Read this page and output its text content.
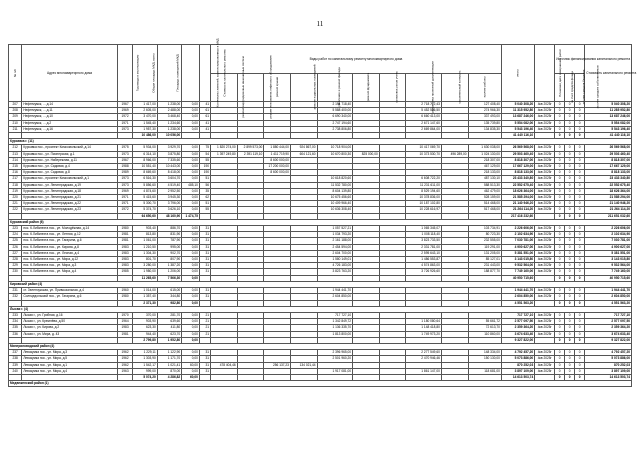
11
№ п/п	Адрес многоквартирного дома	Год ввода в эксплуатацию	Общая площадь МКД, всего	Площадь помещений МКД	Количество жителей, зарегистрированных в МКД	Стоимость капитального ремонта	Виды работ по капитальному ремонту многоквартирного дома										итого	Плановая дата завершения работ	Источник финансирования капитального ремонта			Стоимость капитального ремонта
							ремонт внутридомовых инженерных систем	ремонт или замена лифтового оборудования	ремонт крыши	ремонт подвальных помещений	утепление и ремонт фасада	ремонт фундамента	установка узлов учета	разработка проектной документации	строительный контроль	прочие работы			за счет средств фонда	за счет средств бюджета	за счет средств собственников	
207	Нефтекумск, ... д.14	1967	1 417,00	1 238,00	0,00	41					2 194 718,40			2 718 772,43		127 408,40	5 040 308,20	4кв 2025г	0	0	0	5 040 308,20
208	Нефтекумск, ... д.11	1969	2 605,00	2 488,00	0,00	61					5 588 400,00			5 452 586,50		274 966,30	11 315 952,80	4кв 2025г	0	0	0	11 285 952,80
209	Нефтекумск, ... д.10	1972	3 470,00	3 468,40	0,00	61					6 690 340,00			6 660 413,00		337 493,00	13 687 246,00	4кв 2025г	0	0	0	13 687 246,00
210	Нефтекумск, ... д.2	1971	1 545,40	1 234,60	0,00	41					2 747 194,60			2 671 147,60		135 739,80	5 554 082,00	4кв 2025г	0	0	0	5 554 082,00
211	Нефтекумск, ... д.16	1973	1 957,30	1 238,00	0,00	41					2 738 806,80			2 669 864,00		134 835,30	5 543 196,40	4кв 2025г	0	0	0	5 543 196,40
			10 486,00	10 056,00													41 440 116,10		0	0	0	41 440 116,10
Курсавка г. (11)																						
212	Курсавка пос., проспект Комсомольский, д.14	1975	5 934,00	3 929,70	0,00	75	1 820 274,00	2 899 573,00	1 880 444,00	924 867,00	10 718 904,00			10 417 069,70		1 630 038,00	26 569 568,00	4кв 2025г	0	0	0	26 569 568,00
213	Курсавка пос., ул. Пионерская, д.1	1973	6 314,10	3 875,80	0,00	54	1 397 249,80	2 391 119,10	1 411 719,90	604 121,60	10 670 800,30	825 000,00		10 373 530,70	496 289,00	1 024 130,00	29 503 460,40	4кв 2025г	0	0	0	29 503 460,40
214	Курсавка пос., ул. Набережная, д.11	1967	8 966,00	7 335,60	0,00	55			8 600 000,00							218 307,00	8 818 307,00	4кв 2025г	0	0	0	8 818 307,00
215	Курсавка пос., ул. Садовая, д.4	1988	10 551,40	10 443,00	0,00	190			17 200 000,00							467 129,00	17 667 129,00	4кв 2025г	0	0	0	17 667 129,00
216	Курсавка пос., ул. Садовая, д.8	1989	8 669,60	8 418,00	0,00	190			8 600 000,00							218 133,00	8 818 133,00	4кв 2025г	0	0	0	8 818 133,00
217	Курсавка пос., проспект Комсомольский, д.1	1973	6 516,30	3 604,70	0,00	51					10 618 820,60			6 608 722,20		487 130,10	23 433 340,80	4кв 2025г	0	0	0	23 433 340,80
218	Курсавка пос., ул. Ленинградская, д.19	1973	5 856,60	4 519,40	485,10	56					11 532 780,00			11 231 611,00		588 513,30	22 552 675,40	4кв 2025г	0	0	0	22 552 675,40
219	Курсавка пос., ул. Ленинградская, д.18	1969	4 874,60	2 952,50	0,00	35					8 604 139,80			8 529 194,60		462 479,00	18 626 364,00	4кв 2025г	0	0	0	18 626 364,00
220	Курсавка пос., ул. Ленинградская, д.21	1971	5 415,60	3 945,30	0,00	62					10 675 456,60			10 378 836,00		528 159,00	21 585 294,00	4кв 2025г	0	0	0	21 585 294,00
221	Курсавка пос., ул. Ленинградская, д.22	1971	5 300,70	3 796,00	0,00	51					10 409 966,40			10 187 102,80		514 468,00	21 140 946,20	4кв 2025г	0	0	0	21 140 946,20
222	Курсавка пос., ул. Ленинградская, д.23	1972	5 374,70	3 626,10	0,00	55					10 636 308,40			10 228 616,97		517 468,00	21 264 114,20	4кв 2025г	0	0	0	21 264 114,20
			64 650,60	48 160,90	1 474,75												217 416 232,60		0	0	0	211 651 032,60
Курсавский район (6)																						
223	пос. К.Либкнехта пос., ул. Молодёжная, д.14	1980	903,40	886,70	0,00	31					1 057 527,21			1 065 345,07		103 734,91	2 226 606,00	4кв 2025г	0	0	0	2 226 606,00
224	пос. К.Либкнехта пос., ул. Летняя, д.12	1981	813,80	831,90	0,00	31					1 034 793,20			1 008 118,40		80 723,30	2 102 634,90	4кв 2025г	0	0	0	2 102 634,90
225	пос. К.Либкнехта пос., ул. Гагарина, д.6	1981	1 061,00	787,90	0,00	31					2 161 188,00			3 823 733,50		232 555,00	7 030 781,00	4кв 2025г	0	0	0	7 030 781,00
226	пос. К.Либкнехта пос., ул. Кирова, д.8	1983	1 210,50	995,00	0,00	31					2 454 594,00			2 331 781,00		119 291,00	4 900 627,00	4кв 2025г	0	0	0	4 900 627,00
227	пос. К.Либкнехта пос., ул. Лесная, д.4	1983	1 304,30	902,70	0,00	31					2 604 700,00			2 595 643,10		131 205,00	5 381 551,00	4кв 2025г	0	0	0	5 381 551,00
228	пос. К.Либкнехта пос., ул. Мира, д.12	1983	801,70	807,90	0,00	31					1 580 149,01			1 486 553,87		85 127,01	3 143 015,80	4кв 2025г	0	0	0	3 143 015,80
229	пос. К.Либкнехта пос., ул. Мира, д.3	1983	3 280,00	1 387,20	0,00	31					4 726 183,00			4 574 863,00		231 443,00	9 532 564,00	4кв 2025г	0	0	0	9 532 564,00
230	пос. К.Либкнехта пос., ул. Мира, д.4	1985	1 980,00	1 206,00	0,00	31					3 823 763,20			3 726 926,60		188 877,70	7 749 160,00	4кв 2025г	0	0	0	7 749 160,00
			11 265,60	7 566,30	0,00												40 950 715,60		0	0	0	40 950 715,60
Кировский район (4)																						
231	ст. Зеленчукская, ул. Привокзальная, д.4	1960	1 014,00	615,00	0,00	31					1 944 441,70						1 944 441,70	4кв 2025г	0	0	0	1 944 441,70
232	Солнцедольский пос., ул. Гагарина, д.6	1980	1 357,40	344,80	0,00	31					2 604 850,00						2 604 850,00	4кв 2025г	0	0	0	2 604 850,00
			2 371,30	982,80	0,00												4 551 563,20		0	0	0	4 551 563,20
Лысая г. (4)																						
233	Лысая г., ул. Грибная, д.16	1970	370,00	281,70	0,00	21					717 727,10						717 727,10	4кв 2025г	0	0	0	717 727,10
234	Лысая г., ул. Кремлёва, д.50	1964	903,90	639,60	0,00	21					1 342 849,72			1 180 080,64		55 661,72	2 577 097,50	4кв 2025г	0	0	0	2 577 097,50
235	Лысая г., ул. Кирова, д.2	1983	623,30	411,80	0,00	21					1 136 335,70			1 148 418,80		72 613,70	2 359 364,20	4кв 2025г	0	0	0	2 359 364,20
236	Лысая г., ул. Мира, д. 43	1981	944,40	623,70	0,00	21					1 813 800,00			1 749 973,20		110 860,00	3 674 633,40	4кв 2025г	0	0	0	3 674 633,40
			2 799,80	1 952,80	0,00												9 327 822,00		0	0	0	9 327 822,00
Минераловодский район (4)																						
237	Левокумка пос., ул. Мира, д.3	1962	1 229,11	1 122,90	0,00	31					2 396 965,00			2 277 549,60		148 334,00	4 792 457,20	4кв 2025г	0	0	0	4 792 457,20
238	Левокумка пос., ул. Мира, д.5	1962	1 303,90	1 171,70	0,00	31					2 501 960,20			2 470 946,46		150 130,00	5 073 886,00	4кв 2025г	0	0	0	5 073 886,00
239	Левокумка пос., ул. Мира, д.1	1962	1 542,17	1 021,41	60,00	31	478 404,46		256 137,23	134 021,44							870 252,03	4кв 2025г	0	0	0	870 252,03
240	Левокумка пос., ул. Мира, д.4	1963	999,00	870,00	0,00	31					1 917 081,00			1 861 147,00		118 681,00	3 897 109,00	4кв 2025г	0	0	0	3 897 109,00
			5 074,20	4 286,82	60,00												14 613 503,74		0	0	0	14 613 503,74
Медвеженский район (1)																						
